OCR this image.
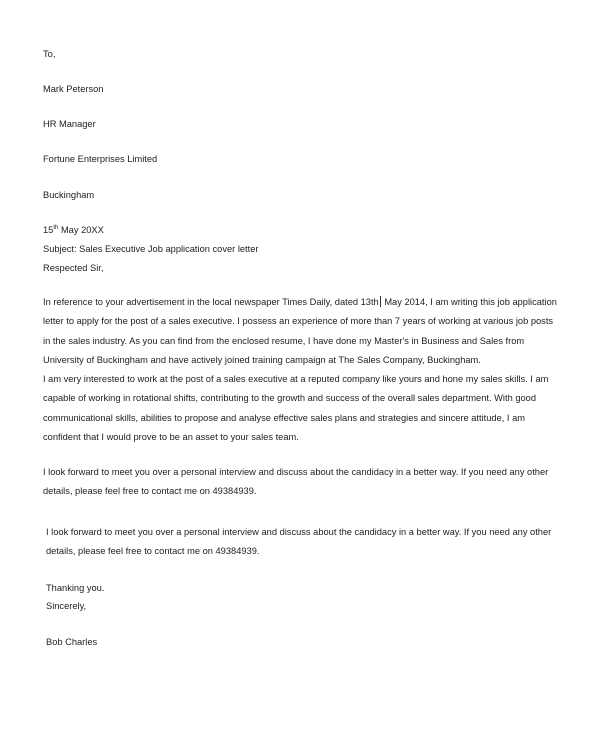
To,
Mark Peterson
HR Manager
Fortune Enterprises Limited
Buckingham
15th May 20XX
Subject: Sales Executive Job application cover letter
Respected Sir,
In reference to your advertisement in the local newspaper Times Daily, dated 13th May 2014, I am writing this job application letter to apply for the post of a sales executive. I possess an experience of more than 7 years of working at various job posts in the sales industry. As you can find from the enclosed resume, I have done my Master's in Business and Sales from University of Buckingham and have actively joined training campaign at The Sales Company, Buckingham.
I am very interested to work at the post of a sales executive at a reputed company like yours and hone my sales skills. I am capable of working in rotational shifts, contributing to the growth and success of the overall sales department. With good communicational skills, abilities to propose and analyse effective sales plans and strategies and sincere attitude, I am confident that I would prove to be an asset to your sales team.
I look forward to meet you over a personal interview and discuss about the candidacy in a better way. If you need any other details, please feel free to contact me on 49384939.
I look forward to meet you over a personal interview and discuss about the candidacy in a better way. If you need any other details, please feel free to contact me on 49384939.
Thanking you.
Sincerely,
Bob Charles
